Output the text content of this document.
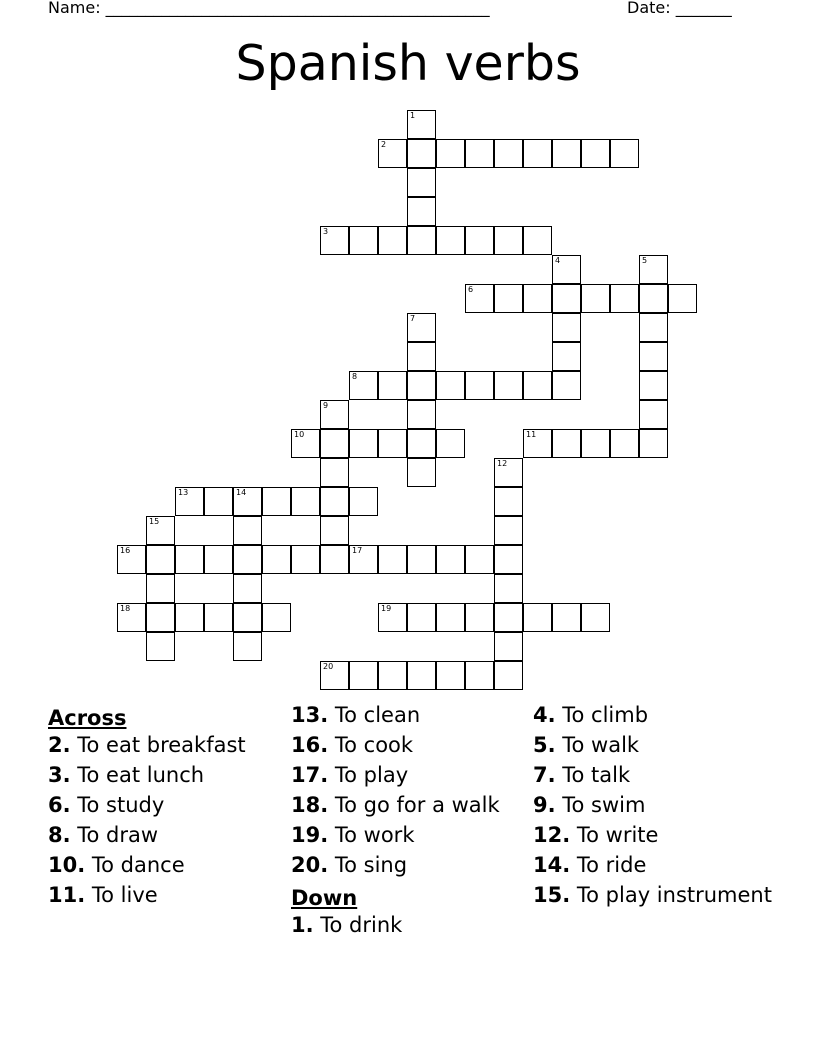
Name: ________________________________________________	Date: _______
Spanish verbs
1
2
3
4	5
6
7
8
9
10	11
12
13	14
15
16	17
18	19
20
Across
2. To eat breakfast
3. To eat lunch
6. To study
8. To draw
10. To dance
11. To live
13. To clean
16. To cook
17. To play
18. To go for a walk
19. To work
20. To sing
Down
1. To drink
4. To climb
5. To walk
7. To talk
9. To swim
12. To write
14. To ride
15. To play instrument
